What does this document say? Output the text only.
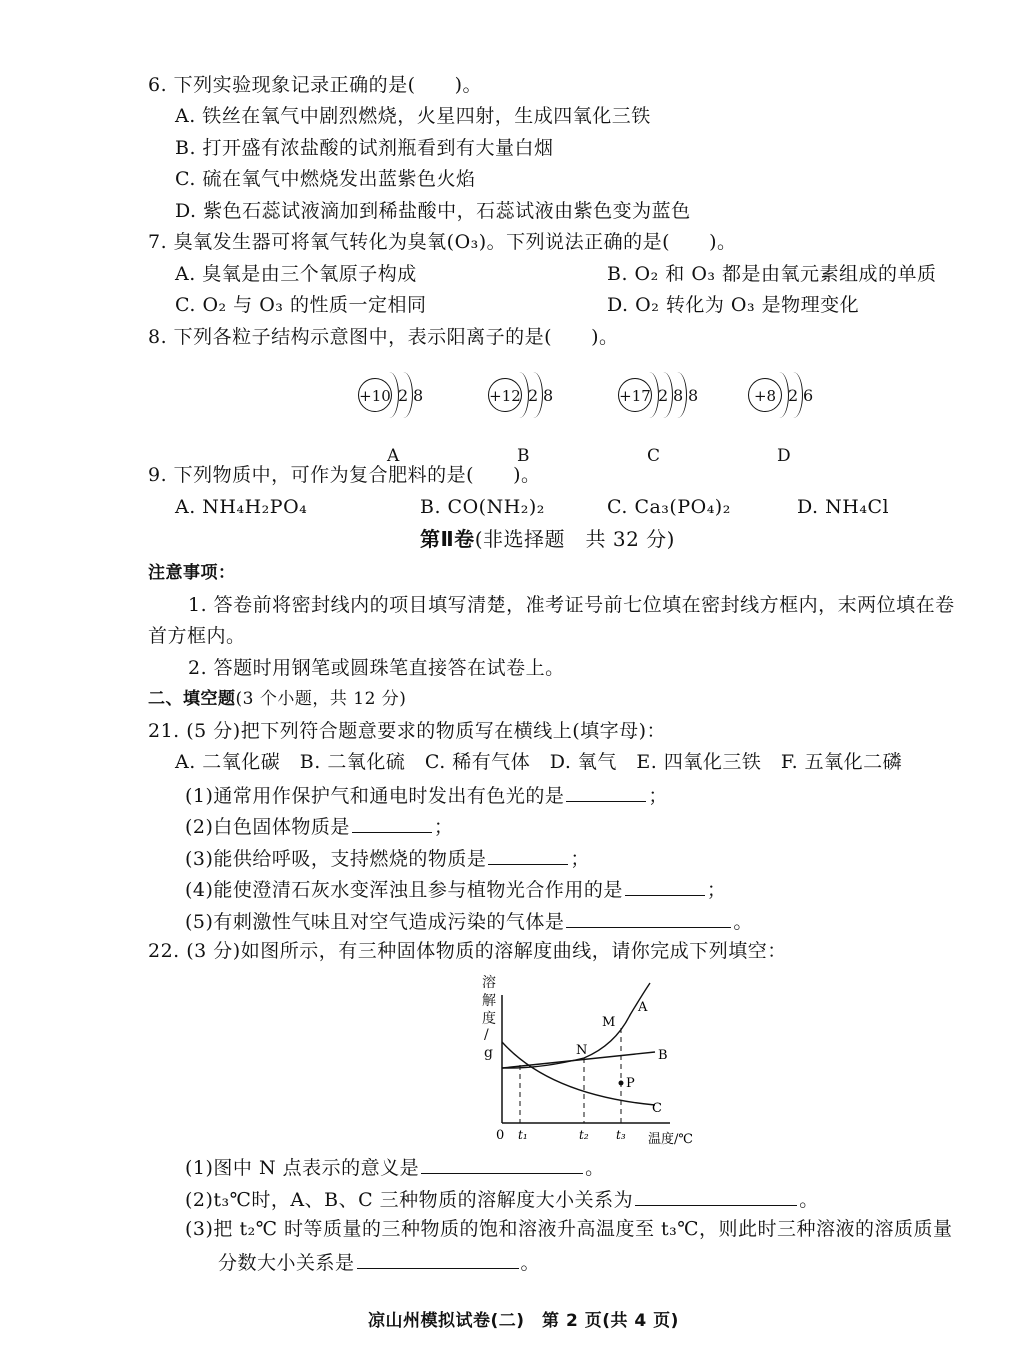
6. 下列实验现象记录正确的是(　　)。
A. 铁丝在氧气中剧烈燃烧，火星四射，生成四氧化三铁
B. 打开盛有浓盐酸的试剂瓶看到有大量白烟
C. 硫在氧气中燃烧发出蓝紫色火焰
D. 紫色石蕊试液滴加到稀盐酸中，石蕊试液由紫色变为蓝色
7. 臭氧发生器可将氧气转化为臭氧(O₃)。下列说法正确的是(　　)。
A. 臭氧是由三个氧原子构成	B. O₂ 和 O₃ 都是由氧元素组成的单质
C. O₂ 与 O₃ 的性质一定相同	D. O₂ 转化为 O₃ 是物理变化
8. 下列各粒子结构示意图中，表示阳离子的是(　　)。
+10 2 8
A
+12 2 8
B
+17 2 8 8
C
+8 2 6
D
9. 下列物质中，可作为复合肥料的是(　　)。
A. NH₄H₂PO₄	B. CO(NH₂)₂	C. Ca₃(PO₄)₂	D. NH₄Cl
第Ⅱ卷(非选择题　共 32 分)
注意事项：
1. 答卷前将密封线内的项目填写清楚，准考证号前七位填在密封线方框内，末两位填在卷
首方框内。
2. 答题时用钢笔或圆珠笔直接答在试卷上。
二、填空题(3 个小题，共 12 分)
21. (5 分)把下列符合题意要求的物质写在横线上(填字母)：
A. 二氧化碳　B. 二氧化硫　C. 稀有气体　D. 氧气　E. 四氧化三铁　F. 五氧化二磷
(1)通常用作保护气和通电时发出有色光的是	；
(2)白色固体物质是	；
(3)能供给呼吸，支持燃烧的物质是	；
(4)能使澄清石灰水变浑浊且参与植物光合作用的是	；
(5)有刺激性气味且对空气造成污染的气体是	。
22. (3 分)如图所示，有三种固体物质的溶解度曲线，请你完成下列填空：
溶
解
度
/
g
0 t₁	t₂ t₃ 温度/℃
A
B
C
M
N
P
(1)图中 N 点表示的意义是	。
(2)t₃℃时，A、B、C 三种物质的溶解度大小关系为	。
(3)把 t₂℃ 时等质量的三种物质的饱和溶液升高温度至 t₃℃，则此时三种溶液的溶质质量
分数大小关系是	。
凉山州模拟试卷(二)　第 2 页(共 4 页)
